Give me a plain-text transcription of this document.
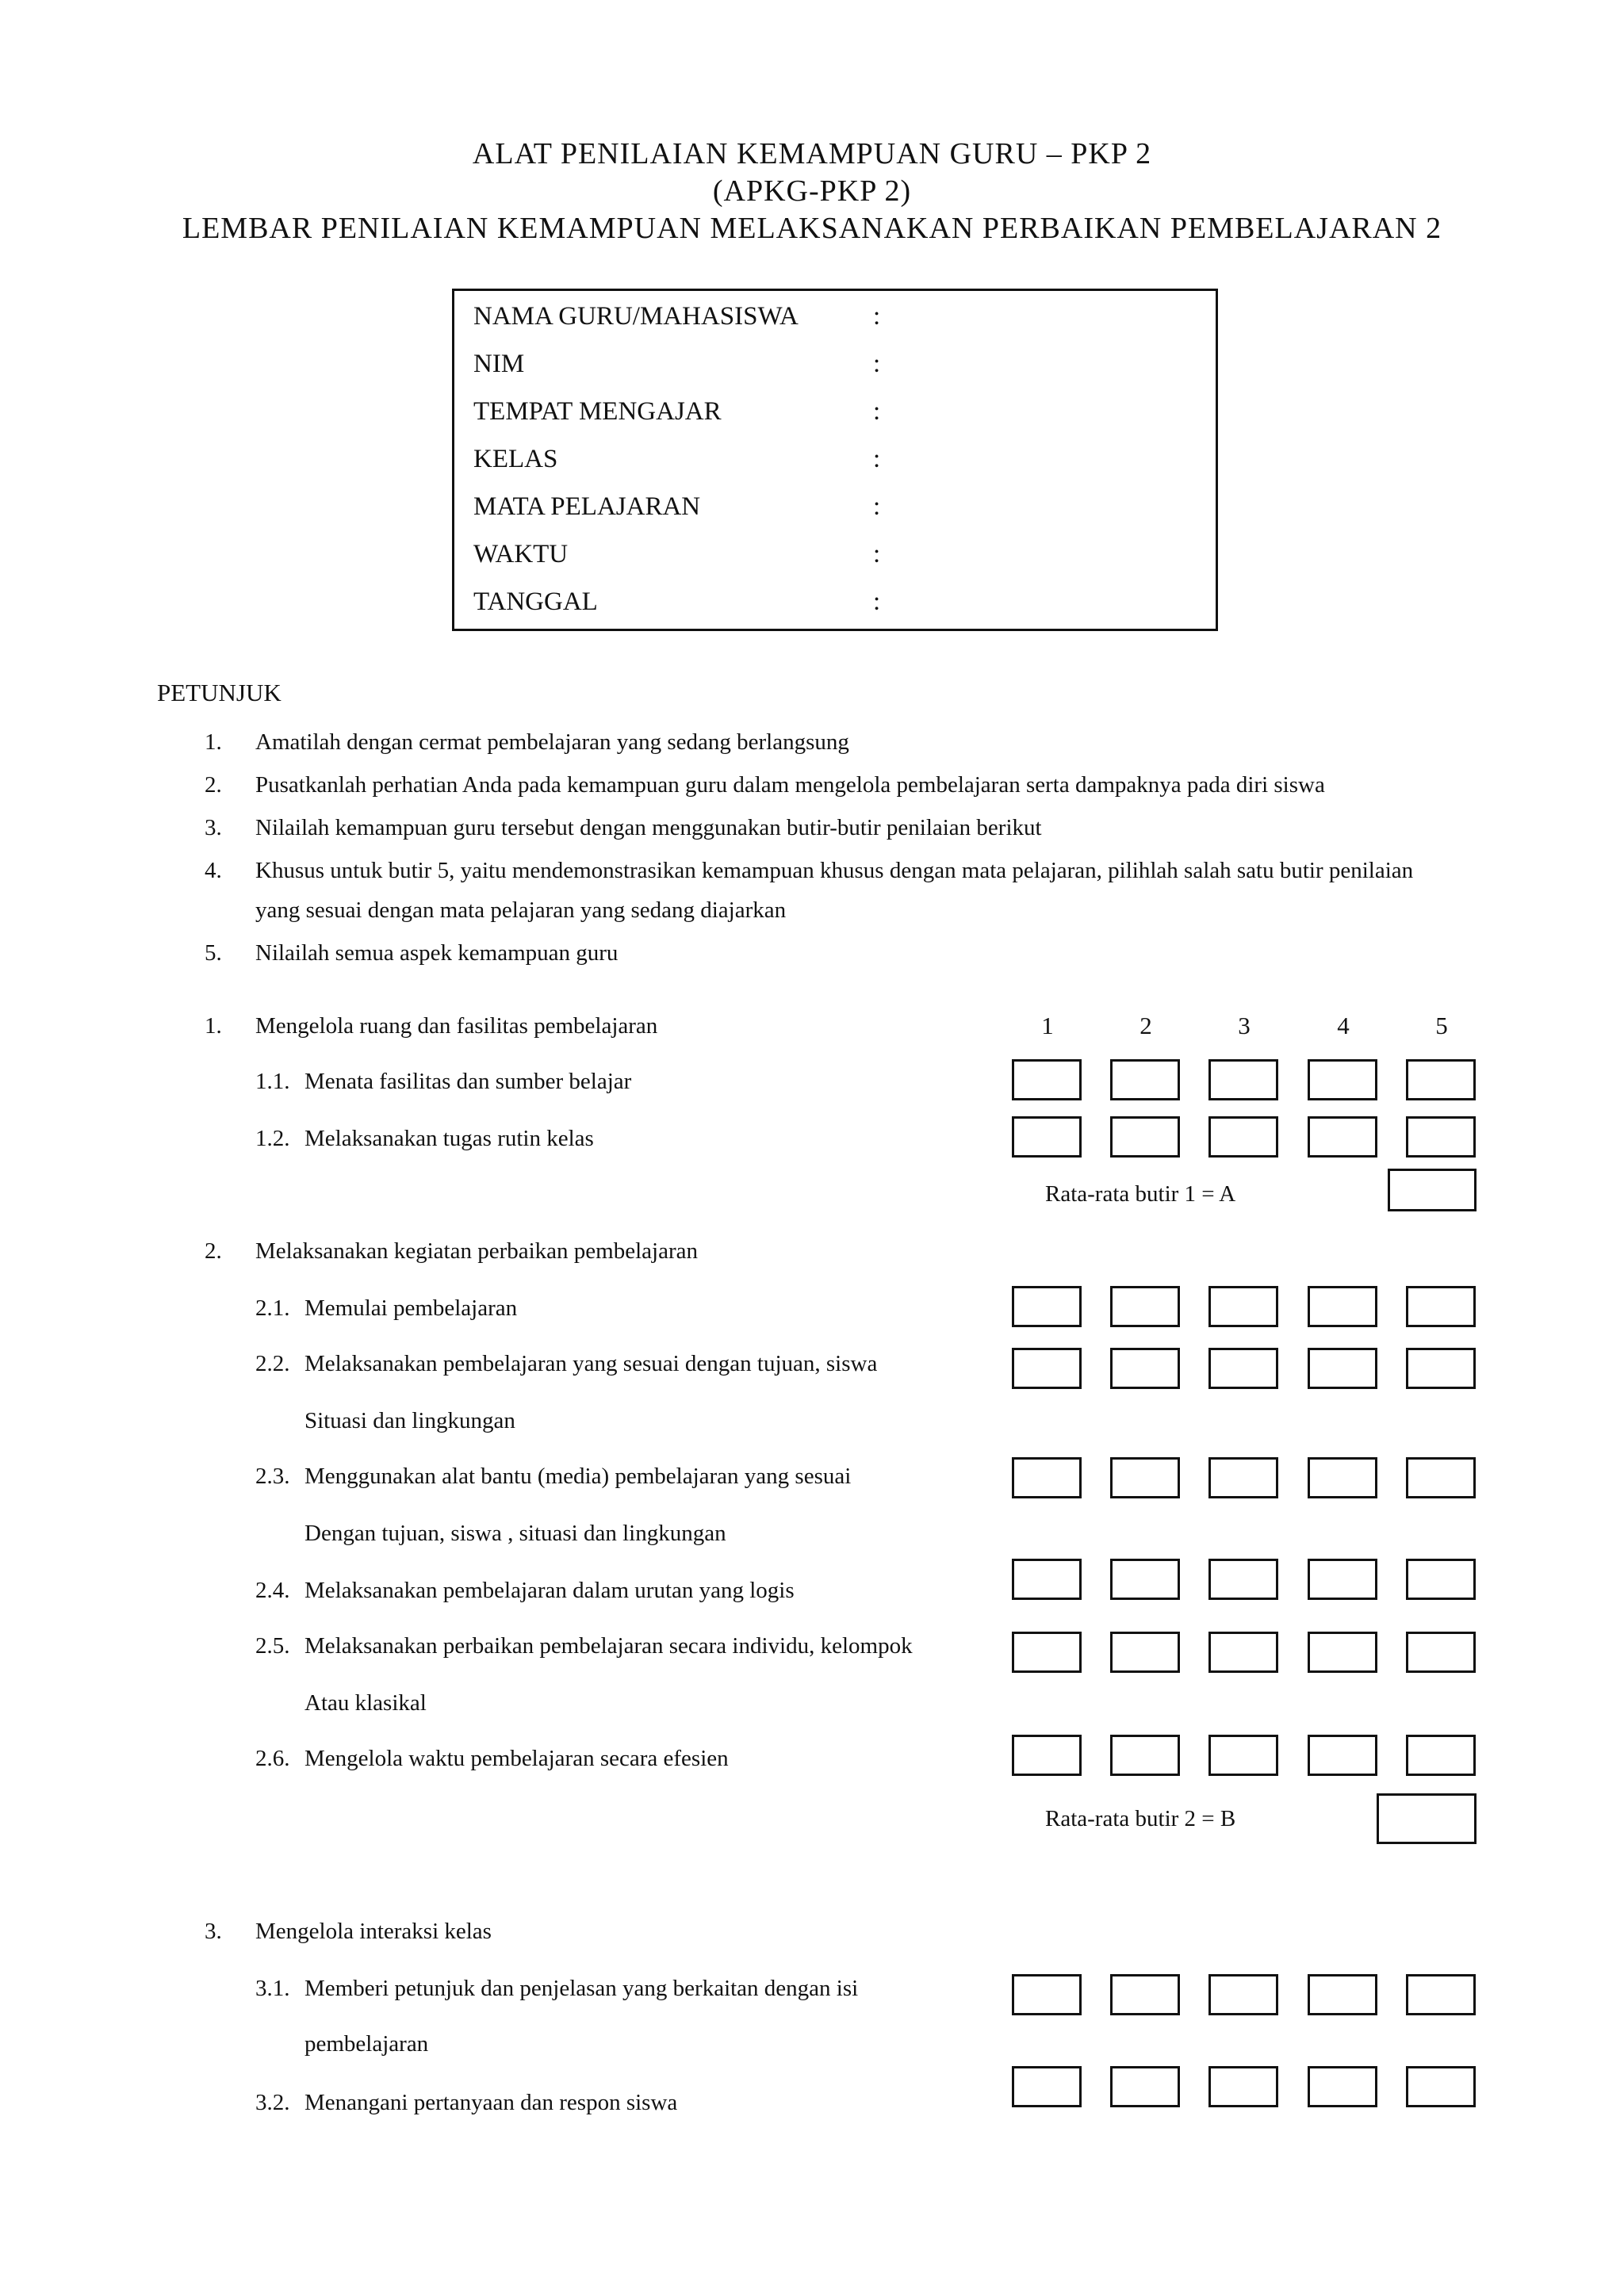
ALAT PENILAIAN KEMAMPUAN GURU – PKP 2
(APKG-PKP 2)
LEMBAR PENILAIAN KEMAMPUAN MELAKSANAKAN PERBAIKAN PEMBELAJARAN 2
NAMA GURU/MAHASISWA	:
NIM	:
TEMPAT MENGAJAR	:
KELAS	:
MATA PELAJARAN	:
WAKTU	:
TANGGAL	:
PETUNJUK
1. Amatilah dengan cermat pembelajaran yang sedang berlangsung
2. Pusatkanlah perhatian Anda pada kemampuan guru dalam mengelola pembelajaran serta dampaknya pada diri siswa
3. Nilailah kemampuan guru tersebut dengan menggunakan butir-butir penilaian berikut
4. Khusus untuk butir 5, yaitu mendemonstrasikan kemampuan khusus dengan mata pelajaran, pilihlah salah satu butir penilaian
yang sesuai dengan mata pelajaran yang sedang diajarkan
5. Nilailah semua aspek kemampuan guru
1	2	3	4	5
1. Mengelola ruang dan fasilitas pembelajaran
1.1. Menata fasilitas dan sumber belajar
1.2. Melaksanakan tugas rutin kelas
Rata-rata butir 1 = A
2. Melaksanakan kegiatan perbaikan pembelajaran
2.1. Memulai pembelajaran
2.2. Melaksanakan pembelajaran yang sesuai dengan tujuan, siswa
Situasi dan lingkungan
2.3. Menggunakan alat bantu (media) pembelajaran yang sesuai
Dengan tujuan, siswa , situasi dan lingkungan
2.4. Melaksanakan pembelajaran dalam urutan yang logis
2.5. Melaksanakan perbaikan pembelajaran secara individu, kelompok
Atau klasikal
2.6. Mengelola waktu pembelajaran secara efesien
Rata-rata butir 2 = B
3. Mengelola interaksi kelas
3.1. Memberi petunjuk dan penjelasan yang berkaitan dengan isi
pembelajaran
3.2. Menangani pertanyaan dan respon siswa
